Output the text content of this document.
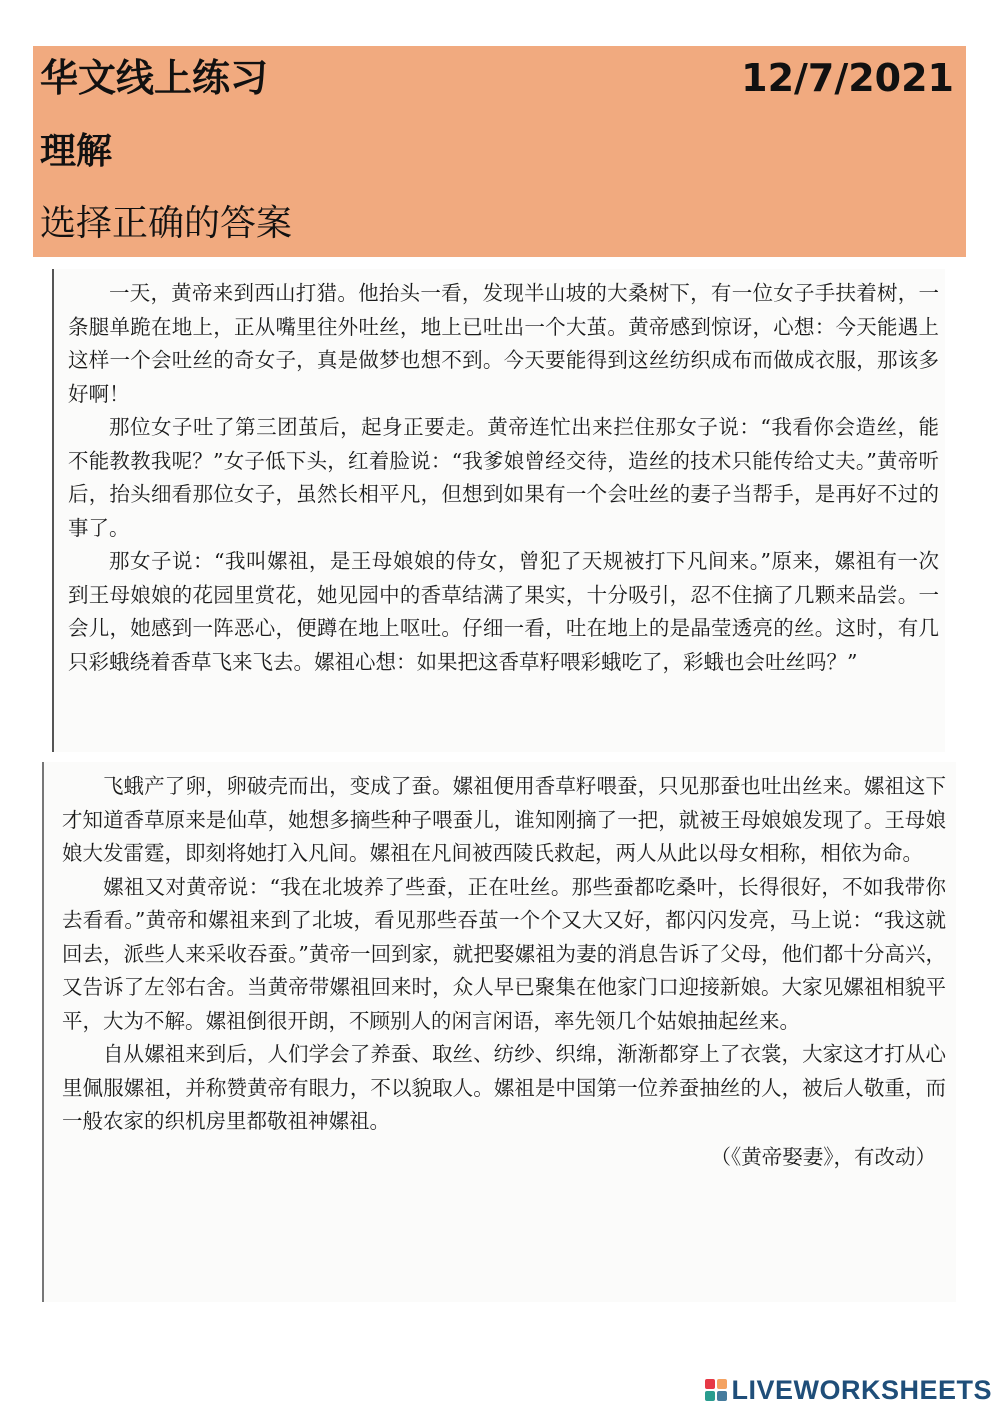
华文线上练习	12/7/2021
理解
选择正确的答案

一天，黄帝来到西山打猎。他抬头一看，发现半山坡的大桑树下，有一位女子手扶着树，一条腿单跪在地上，正从嘴里往外吐丝，地上已吐出一个大茧。黄帝感到惊讶，心想：今天能遇上这样一个会吐丝的奇女子，真是做梦也想不到。今天要能得到这丝纺织成布而做成衣服，那该多好啊！

那位女子吐了第三团茧后，起身正要走。黄帝连忙出来拦住那女子说：“我看你会造丝，能不能教教我呢？”女子低下头，红着脸说：“我爹娘曾经交待，造丝的技术只能传给丈夫。”黄帝听后，抬头细看那位女子，虽然长相平凡，但想到如果有一个会吐丝的妻子当帮手，是再好不过的事了。

那女子说：“我叫嫘祖，是王母娘娘的侍女，曾犯了天规被打下凡间来。”原来，嫘祖有一次到王母娘娘的花园里赏花，她见园中的香草结满了果实，十分吸引，忍不住摘了几颗来品尝。一会儿，她感到一阵恶心，便蹲在地上呕吐。仔细一看，吐在地上的是晶莹透亮的丝。这时，有几只彩蛾绕着香草飞来飞去。嫘祖心想：如果把这香草籽喂彩蛾吃了，彩蛾也会吐丝吗？”

飞蛾产了卵，卵破壳而出，变成了蚕。嫘祖便用香草籽喂蚕，只见那蚕也吐出丝来。嫘祖这下才知道香草原来是仙草，她想多摘些种子喂蚕儿，谁知刚摘了一把，就被王母娘娘发现了。王母娘娘大发雷霆，即刻将她打入凡间。嫘祖在凡间被西陵氏救起，两人从此以母女相称，相依为命。

嫘祖又对黄帝说：“我在北坡养了些蚕，正在吐丝。那些蚕都吃桑叶，长得很好，不如我带你去看看。”黄帝和嫘祖来到了北坡，看见那些吞茧一个个又大又好，都闪闪发亮，马上说：“我这就回去，派些人来采收吞蚕。”黄帝一回到家，就把娶嫘祖为妻的消息告诉了父母，他们都十分高兴，又告诉了左邻右舍。当黄帝带嫘祖回来时，众人早已聚集在他家门口迎接新娘。大家见嫘祖相貌平平，大为不解。嫘祖倒很开朗，不顾别人的闲言闲语，率先领几个姑娘抽起丝来。

自从嫘祖来到后，人们学会了养蚕、取丝、纺纱、织绵，渐渐都穿上了衣裳，大家这才打从心里佩服嫘祖，并称赞黄帝有眼力，不以貌取人。嫘祖是中国第一位养蚕抽丝的人，被后人敬重，而一般农家的织机房里都敬祖神嫘祖。

（《黄帝娶妻》，有改动）

LIVEWORKSHEETS
